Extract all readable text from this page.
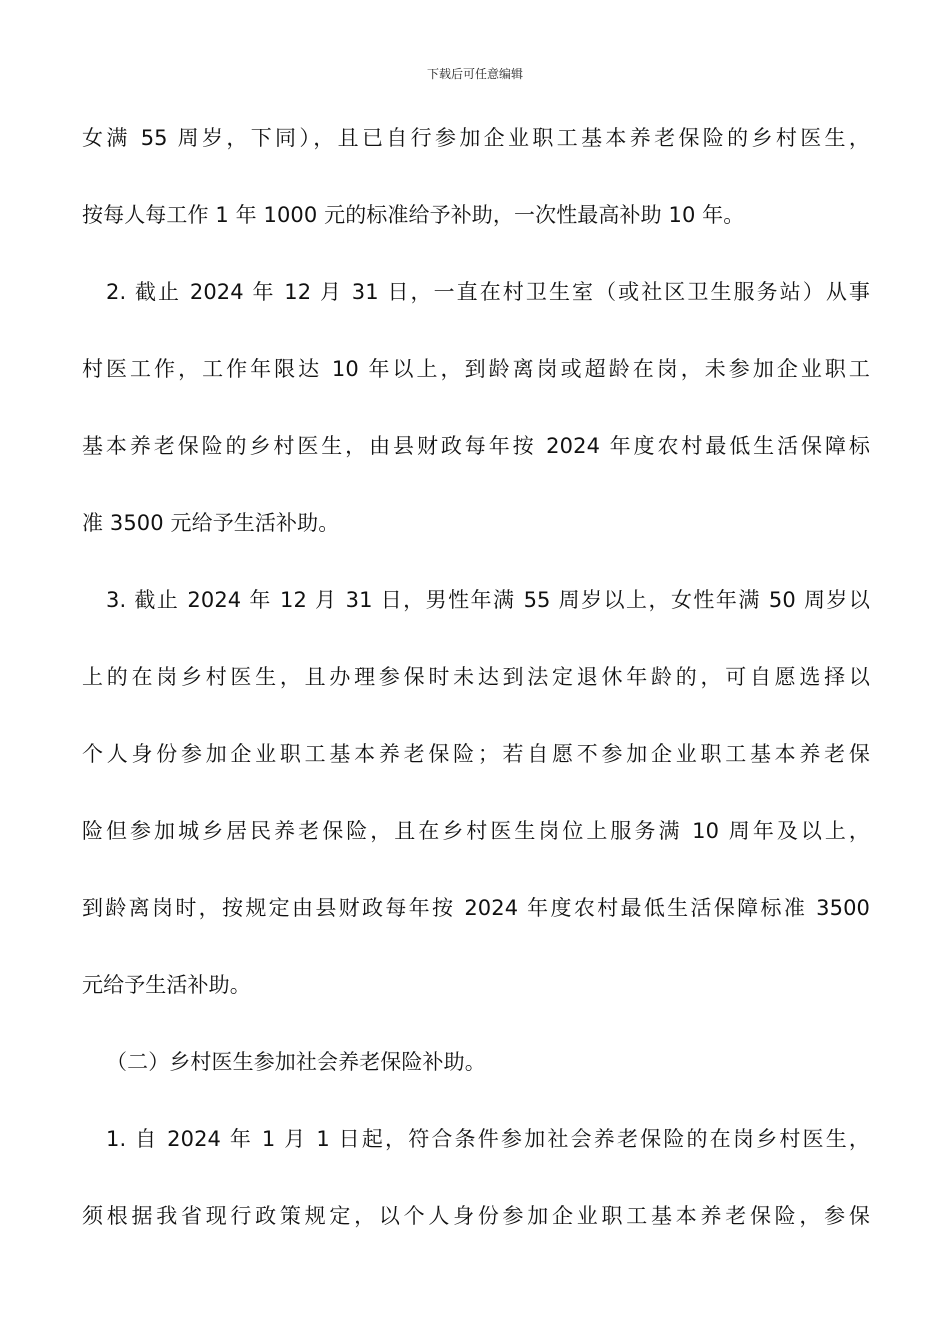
下载后可任意编辑
女满 55 周岁，下同），且已自行参加企业职工基本养老保险的乡村医生，
按每人每工作 1 年 1000 元的标准给予补助，一次性最高补助 10 年。
2. 截止 2024 年 12 月 31 日，一直在村卫生室（或社区卫生服务站）从事
村医工作，工作年限达 10 年以上，到龄离岗或超龄在岗，未参加企业职工
基本养老保险的乡村医生，由县财政每年按 2024 年度农村最低生活保障标
准 3500 元给予生活补助。
3. 截止 2024 年 12 月 31 日，男性年满 55 周岁以上，女性年满 50 周岁以
上的在岗乡村医生，且办理参保时未达到法定退休年龄的，可自愿选择以
个人身份参加企业职工基本养老保险；若自愿不参加企业职工基本养老保
险但参加城乡居民养老保险，且在乡村医生岗位上服务满 10 周年及以上，
到龄离岗时，按规定由县财政每年按 2024 年度农村最低生活保障标准 3500
元给予生活补助。
（二）乡村医生参加社会养老保险补助。
1. 自 2024 年 1 月 1 日起，符合条件参加社会养老保险的在岗乡村医生，
须根据我省现行政策规定，以个人身份参加企业职工基本养老保险，参保
